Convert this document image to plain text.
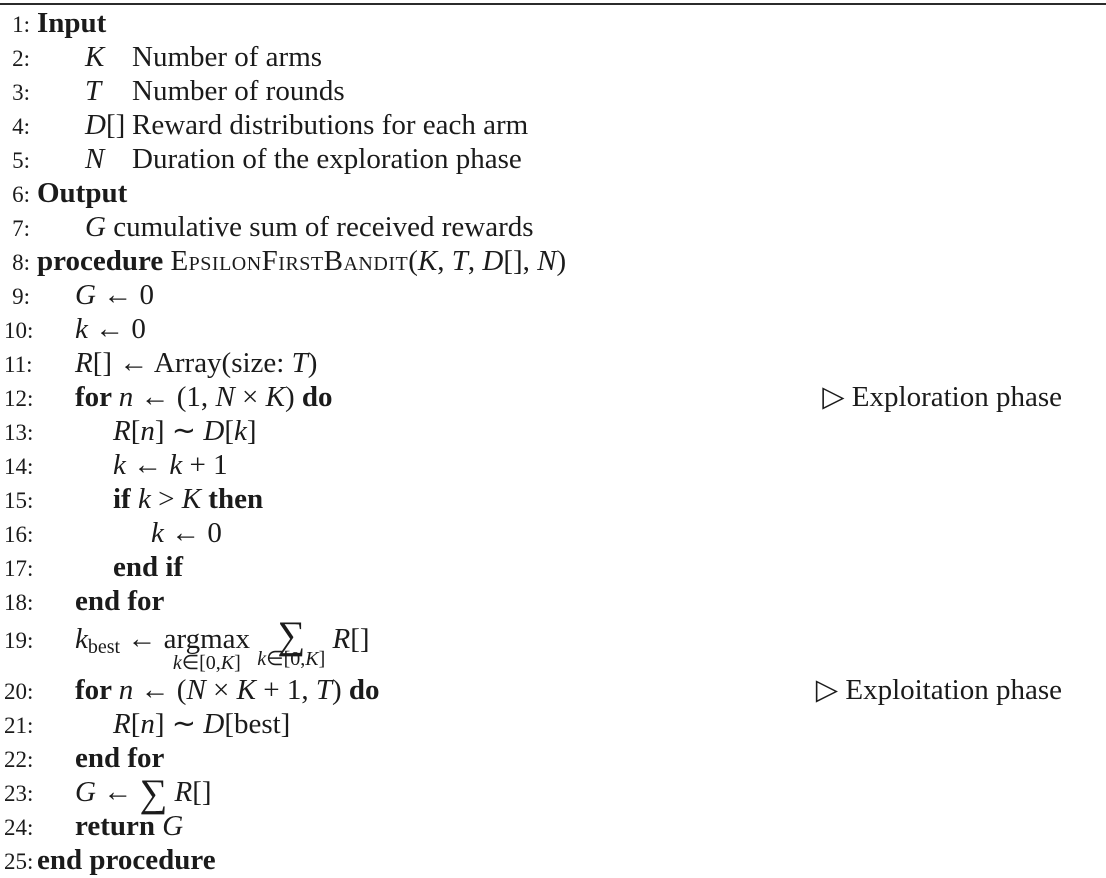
1: Input
2:	K Number of arms
3:	T Number of rounds
4:	D[] Reward distributions for each arm
5:	N Duration of the exploration phase
6: Output
7:	G cumulative sum of received rewards
8: procedure EpsilonFirstBandit(K, T, D[], N)
9:	G ← 0
10:	k ← 0
11:	R[] ← Array(size: T)
12:	for n ← (1, N × K) do	▷ Exploration phase
13:	R[n] ∼ D[k]
14:	k ← k + 1
15:	if k > K then
16:	k ← 0
17:	end if
18:	end for
19:	$k_{best}$ ← argmax
k∈[0,K]

∑
k∈[0,K]
R[]
20:	for n ← (N × K + 1, T) do	▷ Exploitation phase
21:	R[n] ∼ D[best]
22:	end for
23:	G ← ∑ R[]
24:	return G
25: end procedure
